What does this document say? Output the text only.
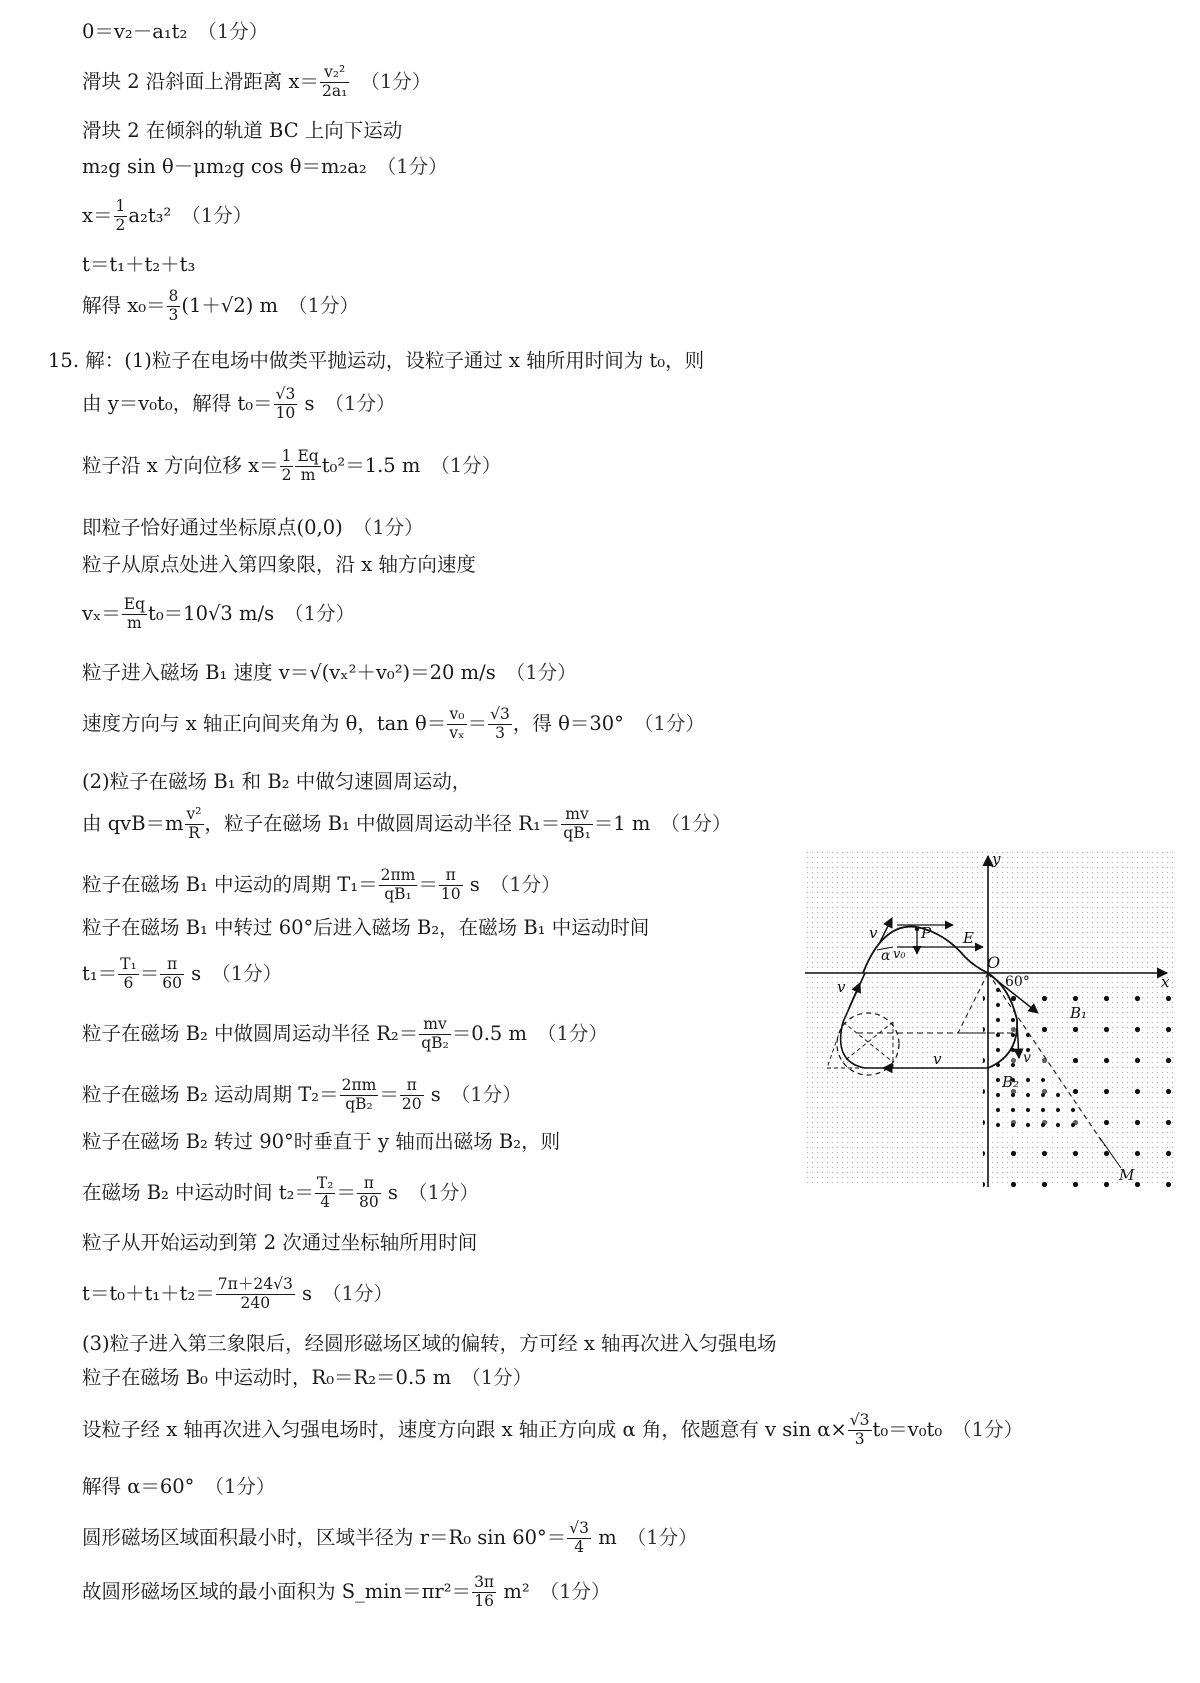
0＝v₂－a₁t₂ （1分）
滑块 2 沿斜面上滑距离 $x= \frac{\text{v₂²}}{\text{2a₁}} (1$分）
滑块 2 在倾斜的轨道 BC 上向下运动
m₂g sin θ－μm₂g cos θ＝m₂a₂ （1分）
$x= \frac{1}{2} a_2t_3^2$ （1分）
t＝t₁＋t₂＋t₃
解得 $x_0= \frac{8}{3} (1+√2)$ m （1分）
15. 解：(1)粒子在电场中做类平抛运动，设粒子通过 x 轴所用时间为 t₀，则
由 y＝v₀t₀，解得 $t_0= \frac{√3}{10}$ s （1分）
粒子沿 x 方向位移 $x= \frac{1}{2} \frac{Eq}{m} t_0^2=1.5$ m （1分）
即粒子恰好通过坐标原点(0,0) （1分）
粒子从原点处进入第四象限，沿 x 轴方向速度
$v_x= \frac{Eq}{m} t_0=10√3$ m/s （1分）
粒子进入磁场 B₁ 速度 v＝√(vₓ²＋v₀²)＝20 m/s （1分）
速度方向与 x 轴正向间夹角为 θ，$\tan \theta= \frac{\text{v₀}}{\text{vₓ}} = \frac{√3}{3}$ ，得 θ＝30° （1分）
(2)粒子在磁场 B₁ 和 B₂ 中做匀速圆周运动，
由 $qvB=m \frac{\text{v²}}{R}$ ，粒子在磁场 B₁ 中做圆周运动半径 $R_1= \frac{mv}{\text{qB₁}} =1$ m （1分）
粒子在磁场 B₁ 中运动的周期 $T_1= \frac{2\pi m}{\text{qB₁}} = \frac{\pi}{10}$ s （1分）
粒子在磁场 B₁ 中转过 60°后进入磁场 B₂，在磁场 B₁ 中运动时间
$t_1= \frac{\text{T₁}}{6} = \frac{\pi}{60}$ s （1分）
粒子在磁场 B₂ 中做圆周运动半径 $R_2= \frac{mv}{\text{qB₂}} =0.5$ m （1分）
粒子在磁场 B₂ 运动周期 $T_2= \frac{2\pi m}{\text{qB₂}} = \frac{\pi}{20}$ s （1分）
粒子在磁场 B₂ 转过 90°时垂直于 y 轴而出磁场 B₂，则
在磁场 B₂ 中运动时间 $t_2= \frac{\text{T₂}}{4} = \frac{\pi}{80}$ s （1分）
粒子从开始运动到第 2 次通过坐标轴所用时间
$t=t_0+t_1+t_2= \frac{7\pi+24√3}{240}$ s （1分）
(3)粒子进入第三象限后，经圆形磁场区域的偏转，方可经 x 轴再次进入匀强电场
粒子在磁场 B₀ 中运动时，R₀＝R₂＝0.5 m （1分）
设粒子经 x 轴再次进入匀强电场时，速度方向跟 x 轴正方向成 α 角，依题意有 v $\sin \alpha\times \frac{√3}{3} t_0=v_0t_0$ （1分）
解得 α＝60° （1分）
圆形磁场区域面积最小时，区域半径为 r＝R₀ $\sin 60^\circ= \frac{√3}{4}$ m （1分）
故圆形磁场区域的最小面积为 S_min＝πr²＝ $\frac{3\pi}{16} m^2$ （1分）
y
x
O
P E
v
v
α v₀
60°
B₁
B₂
v
v
M
